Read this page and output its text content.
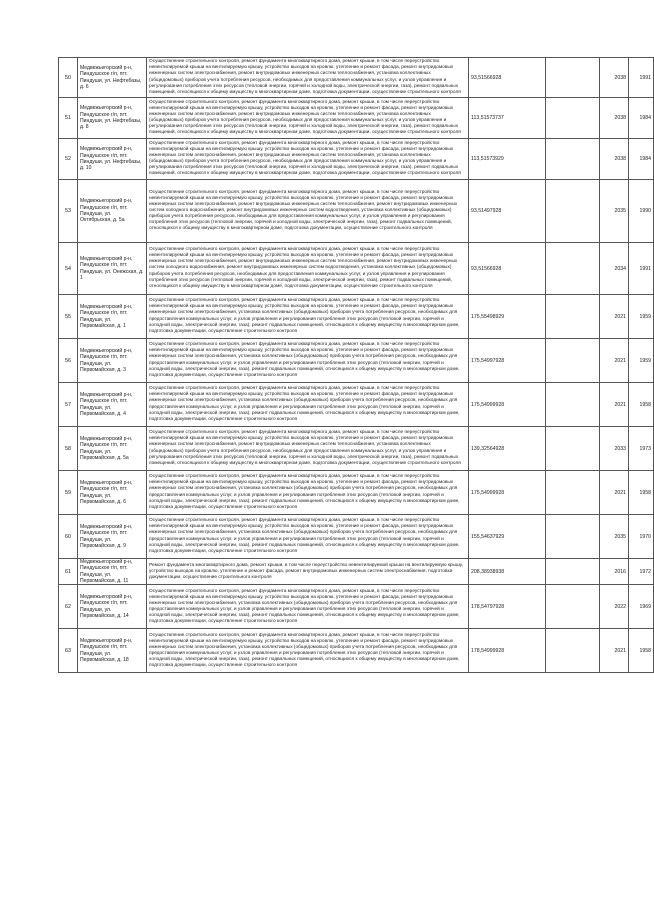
50	Медвежьегорский р-н, Пиндушское г/п, пгт. Пиндуши, ул. Нефтебазы, д. 6	Осуществление строительного контроля, ремонт фундамента многоквартирного дома, ремонт крыши, в том числе переустройство невентилируемой крыши на вентилируемую крышу, устройство выходов на кровлю, утепление и ремонт фасада, ремонт внутридомовых инженерных систем электроснабжения, ремонт внутридомовых инженерных систем теплоснабжения, установка коллективных (общедомовых) приборов учета потребления ресурсов, необходимых для предоставления коммунальных услуг, и узлов управления и регулирования потребления этих ресурсов (тепловой энергии, горячей и холодной воды, электрической энергии, газа), ремонт подвальных помещений, относящихся к общему имуществу в многоквартирном доме, подготовка документации, осуществление строительного контроля	93,51566928		2038	1991
51	Медвежьегорский р-н, Пиндушское г/п, пгт. Пиндуши, ул. Нефтебазы, д. 8	Осуществление строительного контроля, ремонт фундамента многоквартирного дома, ремонт крыши, в том числе переустройство невентилируемой крыши на вентилируемую крышу, устройство выходов на кровлю, утепление и ремонт фасада, ремонт внутридомовых инженерных систем электроснабжения, ремонт внутридомовых инженерных систем теплоснабжения, установка коллективных (общедомовых) приборов учета потребления ресурсов, необходимых для предоставления коммунальных услуг, и узлов управления и регулирования потребления этих ресурсов (тепловой энергии, горячей и холодной воды, электрической энергии, газа), ремонт подвальных помещений, относящихся к общему имуществу в многоквартирном доме, подготовка документации, осуществление строительного контроля	113,51573737		2038	1984
52	Медвежьегорский р-н, Пиндушское г/п, пгт. Пиндуши, ул. Нефтебазы, д. 10	Осуществление строительного контроля, ремонт фундамента многоквартирного дома, ремонт крыши, в том числе переустройство невентилируемой крыши на вентилируемую крышу, устройство выходов на кровлю, утепление и ремонт фасада, ремонт внутридомовых инженерных систем электроснабжения, ремонт внутридомовых инженерных систем теплоснабжения, установка коллективных (общедомовых) приборов учета потребления ресурсов, необходимых для предоставления коммунальных услуг, и узлов управления и регулирования потребления этих ресурсов (тепловой энергии, горячей и холодной воды, электрической энергии, газа), ремонт подвальных помещений, относящихся к общему имуществу в многоквартирном доме, подготовка документации, осуществление строительного контроля	113,51573929		2038	1984
53	Медвежьегорский р-н, Пиндушское г/п, пгт. Пиндуши, ул. Октябрьская, д. 5а	Осуществление строительного контроля, ремонт фундамента многоквартирного дома, ремонт крыши, в том числе переустройство невентилируемой крыши на вентилируемую крышу, устройство выходов на кровлю, утепление и ремонт фасада, ремонт внутридомовых инженерных систем электроснабжения, ремонт внутридомовых инженерных систем теплоснабжения, ремонт внутридомовых инженерных систем холодного водоснабжения, ремонт внутридомовых инженерных систем водоотведения, установка коллективных (общедомовых) приборов учета потребления ресурсов, необходимых для предоставления коммунальных услуг, и узлов управления и регулирования потребления этих ресурсов (тепловой энергии, горячей и холодной воды, электрической энергии, газа), ремонт подвальных помещений, относящихся к общему имуществу в многоквартирном доме, подготовка документации, осуществление строительного контроля	93,51497928		2035	1990
54	Медвежьегорский р-н, Пиндушское г/п, пгт. Пиндуши, ул. Онежская, д. 1	Осуществление строительного контроля, ремонт фундамента многоквартирного дома, ремонт крыши, в том числе переустройство невентилируемой крыши на вентилируемую крышу, устройство выходов на кровлю, утепление и ремонт фасада, ремонт внутридомовых инженерных систем электроснабжения, ремонт внутридомовых инженерных систем теплоснабжения, ремонт внутридомовых инженерных систем холодного водоснабжения, ремонт внутридомовых инженерных систем водоотведения, установка коллективных (общедомовых) приборов учета потребления ресурсов, необходимых для предоставления коммунальных услуг, и узлов управления и регулирования потребления этих ресурсов (тепловой энергии, горячей и холодной воды, электрической энергии, газа), ремонт подвальных помещений, относящихся к общему имуществу в многоквартирном доме, подготовка документации, осуществление строительного контроля	93,51566928		2034	1991
55	Медвежьегорский р-н, Пиндушское г/п, пгт. Пиндуши, ул. Первомайская, д. 1	Осуществление строительного контроля, ремонт фундамента многоквартирного дома, ремонт крыши, в том числе переустройство невентилируемой крыши на вентилируемую крышу, устройство выходов на кровлю, утепление и ремонт фасада, ремонт внутридомовых инженерных систем электроснабжения, установка коллективных (общедомовых) приборов учета потребления ресурсов, необходимых для предоставления коммунальных услуг, и узлов управления и регулирования потребления этих ресурсов (тепловой энергии, горячей и холодной воды, электрической энергии, газа), ремонт подвальных помещений, относящихся к общему имуществу в многоквартирном доме, подготовка документации, осуществление строительного контроля	175,55498929		2021	1959
56	Медвежьегорский р-н, Пиндушское г/п, пгт. Пиндуши, ул. Первомайская, д. 3	Осуществление строительного контроля, ремонт фундамента многоквартирного дома, ремонт крыши, в том числе переустройство невентилируемой крыши на вентилируемую крышу, устройство выходов на кровлю, утепление и ремонт фасада, ремонт внутридомовых инженерных систем электроснабжения, установка коллективных (общедомовых) приборов учета потребления ресурсов, необходимых для предоставления коммунальных услуг, и узлов управления и регулирования потребления этих ресурсов (тепловой энергии, горячей и холодной воды, электрической энергии, газа), ремонт подвальных помещений, относящихся к общему имуществу в многоквартирном доме, подготовка документации, осуществление строительного контроля	175,54997928		2021	1959
57	Медвежьегорский р-н, Пиндушское г/п, пгт. Пиндуши, ул. Первомайская, д. 4	Осуществление строительного контроля, ремонт фундамента многоквартирного дома, ремонт крыши, в том числе переустройство невентилируемой крыши на вентилируемую крышу, устройство выходов на кровлю, утепление и ремонт фасада, ремонт внутридомовых инженерных систем электроснабжения, установка коллективных (общедомовых) приборов учета потребления ресурсов, необходимых для предоставления коммунальных услуг, и узлов управления и регулирования потребления этих ресурсов (тепловой энергии, горячей и холодной воды, электрической энергии, газа), ремонт подвальных помещений, относящихся к общему имуществу в многоквартирном доме, подготовка документации, осуществление строительного контроля	175,54999928		2021	1958
58	Медвежьегорский р-н, Пиндушское г/п, пгт. Пиндуши, ул. Первомайская, д. 5а	Осуществление строительного контроля, ремонт фундамента многоквартирного дома, ремонт крыши, в том числе переустройство невентилируемой крыши на вентилируемую крышу, устройство выходов на кровлю, утепление и ремонт фасада, ремонт внутридомовых инженерных систем электроснабжения, ремонт внутридомовых инженерных систем теплоснабжения, установка коллективных (общедомовых) приборов учета потребления ресурсов, необходимых для предоставления коммунальных услуг, и узлов управления и регулирования потребления этих ресурсов (тепловой энергии, горячей и холодной воды, электрической энергии, газа), ремонт подвальных помещений, относящихся к общему имуществу в многоквартирном доме, подготовка документации, осуществление строительного контроля	139,32564928		2033	1973
59	Медвежьегорский р-н, Пиндушское г/п, пгт. Пиндуши, ул. Первомайская, д. 6	Осуществление строительного контроля, ремонт фундамента многоквартирного дома, ремонт крыши, в том числе переустройство невентилируемой крыши на вентилируемую крышу, устройство выходов на кровлю, утепление и ремонт фасада, ремонт внутридомовых инженерных систем электроснабжения, установка коллективных (общедомовых) приборов учета потребления ресурсов, необходимых для предоставления коммунальных услуг, и узлов управления и регулирования потребления этих ресурсов (тепловой энергии, горячей и холодной воды, электрической энергии, газа), ремонт подвальных помещений, относящихся к общему имуществу в многоквартирном доме, подготовка документации, осуществление строительного контроля	175,54999928		2021	1958
60	Медвежьегорский р-н, Пиндушское г/п, пгт. Пиндуши, ул. Первомайская, д. 9	Осуществление строительного контроля, ремонт фундамента многоквартирного дома, ремонт крыши, в том числе переустройство невентилируемой крыши на вентилируемую крышу, устройство выходов на кровлю, утепление и ремонт фасада, ремонт внутридомовых инженерных систем электроснабжения, установка коллективных (общедомовых) приборов учета потребления ресурсов, необходимых для предоставления коммунальных услуг, и узлов управления и регулирования потребления этих ресурсов (тепловой энергии, горячей и холодной воды, электрической энергии, газа), ремонт подвальных помещений, относящихся к общему имуществу в многоквартирном доме, подготовка документации, осуществление строительного контроля	155,54637929		2035	1970
61	Медвежьегорский р-н, Пиндушское г/п, пгт. Пиндуши, ул. Первомайская, д. 11	Ремонт фундамента многоквартирного дома, ремонт крыши, в том числе переустройство невентилируемой крыши на вентилируемую крышу, устройство выходов на кровлю, утепление и ремонт фасада, ремонт внутридомовых инженерных систем электроснабжения, подготовка документации, осуществление строительного контроля	208,38938938		2016	1972
62	Медвежьегорский р-н, Пиндушское г/п, пгт. Пиндуши, ул. Первомайская, д. 14	Осуществление строительного контроля, ремонт фундамента многоквартирного дома, ремонт крыши, в том числе переустройство невентилируемой крыши на вентилируемую крышу, устройство выходов на кровлю, утепление и ремонт фасада, ремонт внутридомовых инженерных систем электроснабжения, установка коллективных (общедомовых) приборов учета потребления ресурсов, необходимых для предоставления коммунальных услуг, и узлов управления и регулирования потребления этих ресурсов (тепловой энергии, горячей и холодной воды, электрической энергии, газа), ремонт подвальных помещений, относящихся к общему имуществу в многоквартирном доме, подготовка документации, осуществление строительного контроля	178,54797928		2022	1969
63	Медвежьегорский р-н, Пиндушское г/п, пгт. Пиндуши, ул. Первомайская, д. 18	Осуществление строительного контроля, ремонт фундамента многоквартирного дома, ремонт крыши, в том числе переустройство невентилируемой крыши на вентилируемую крышу, устройство выходов на кровлю, утепление и ремонт фасада, ремонт внутридомовых инженерных систем электроснабжения, установка коллективных (общедомовых) приборов учета потребления ресурсов, необходимых для предоставления коммунальных услуг, и узлов управления и регулирования потребления этих ресурсов (тепловой энергии, горячей и холодной воды, электрической энергии, газа), ремонт подвальных помещений, относящихся к общему имуществу в многоквартирном доме, подготовка документации, осуществление строительного контроля	178,54999928		2021	1958
